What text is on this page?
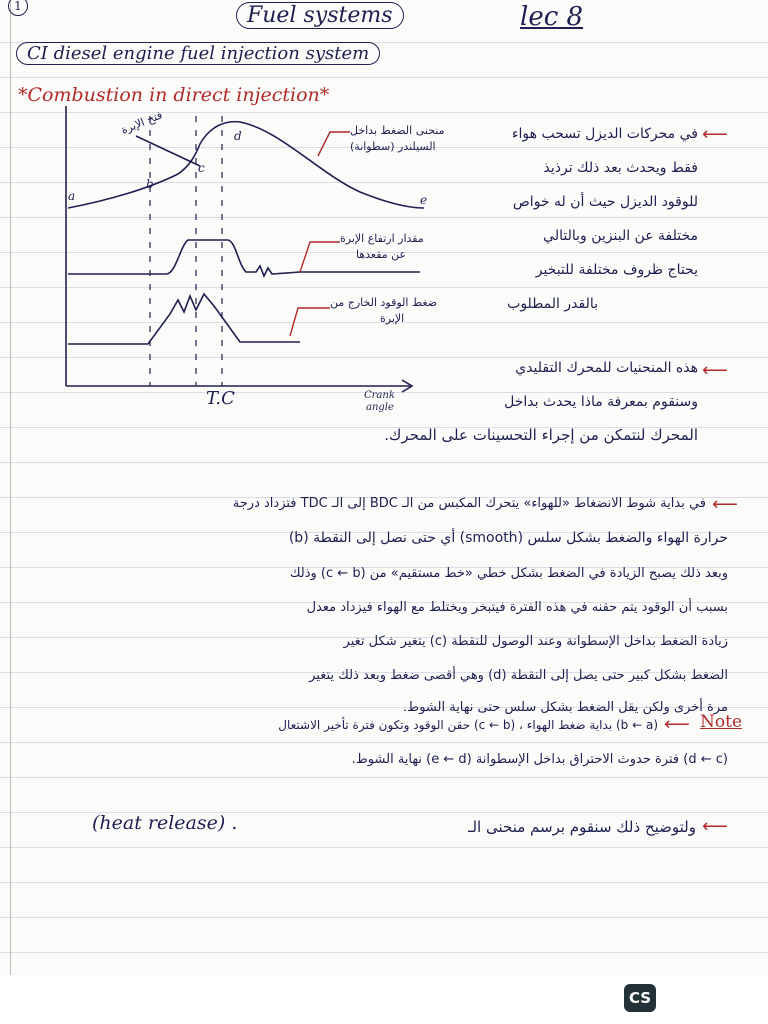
1	Fuel systems	lec 8
CI diesel engine fuel injection system
*Combustion in direct injection*
a
b
c
d
e
T.C	Crank
angle
فتح الإبرة	منحنى الضغط بداخل
السيلندر (سطوانة)
مقدار ارتفاع الإبرة
عن مقعدها
ضغط الوقود الخارج من
الإبرة
⟵
في محركات الديزل تسحب هواء
فقط ويحدث بعد ذلك ترذيذ
للوقود الديزل حيث أن له خواص
مختلفة عن البنزين وبالتالي
يحتاج ظروف مختلفة للتبخير
بالقدر المطلوب
⟵
هذه المنحنيات للمحرك التقليدي
وسنقوم بمعرفة ماذا يحدث بداخل
المحرك لنتمكن من إجراء التحسينات على المحرك.
⟵
في بداية شوط الانضغاط «للهواء» يتحرك المكبس من الـ BDC إلى الـ TDC فتزداد درجة
حرارة الهواء والضغط بشكل سلس (smooth) أي حتى نصل إلى النقطة (b)
وبعد ذلك يصبح الزيادة في الضغط بشكل خطي «خط مستقيم» من (c ← b) وذلك
بسبب أن الوقود يتم حقنه في هذه الفترة فيتبخر ويختلط مع الهواء فيزداد معدل
زيادة الضغط بداخل الإسطوانة وعند الوصول للنقطة (c) يتغير شكل تغير
الضغط بشكل كبير حتى يصل إلى النقطة (d) وهي أقصى ضغط وبعد ذلك يتغير
مرة أخرى ولكن يقل الضغط بشكل سلس حتى نهاية الشوط.
Note
⟵
(b ← a) بداية ضغط الهواء ، (c ← b) حقن الوقود وتكون فترة تأخير الاشتعال
(d ← c) فترة حدوث الاحتراق بداخل الإسطوانة (e ← d) نهاية الشوط.
⟵
ولتوضيح ذلك سنقوم برسم منحنى الـ
(heat release) .
CS
